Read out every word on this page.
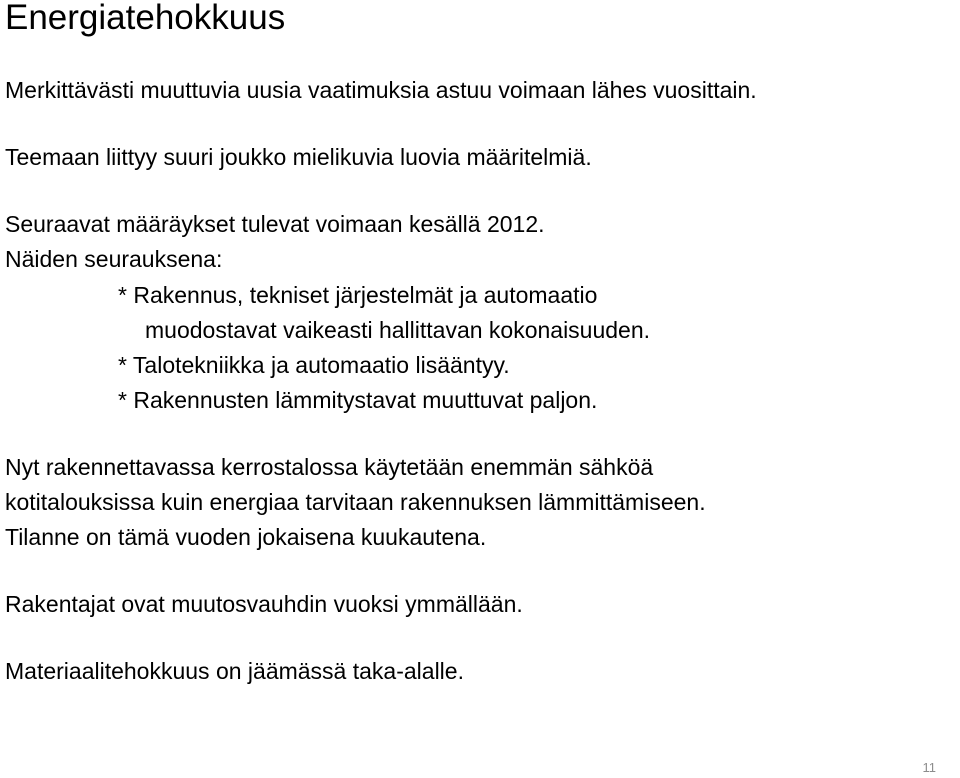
Energiatehokkuus
Merkittävästi muuttuvia uusia vaatimuksia astuu voimaan lähes vuosittain.
Teemaan liittyy suuri joukko mielikuvia luovia määritelmiä.
Seuraavat määräykset tulevat voimaan kesällä 2012.
Näiden seurauksena:
* Rakennus, tekniset järjestelmät ja automaatio
muodostavat vaikeasti hallittavan kokonaisuuden.
* Talotekniikka ja automaatio lisääntyy.
* Rakennusten lämmitystavat muuttuvat paljon.
Nyt rakennettavassa kerrostalossa käytetään enemmän sähköä
kotitalouksissa kuin energiaa tarvitaan rakennuksen lämmittämiseen.
Tilanne on tämä vuoden jokaisena kuukautena.
Rakentajat ovat muutosvauhdin vuoksi ymmällään.
Materiaalitehokkuus on jäämässä taka-alalle.
11
